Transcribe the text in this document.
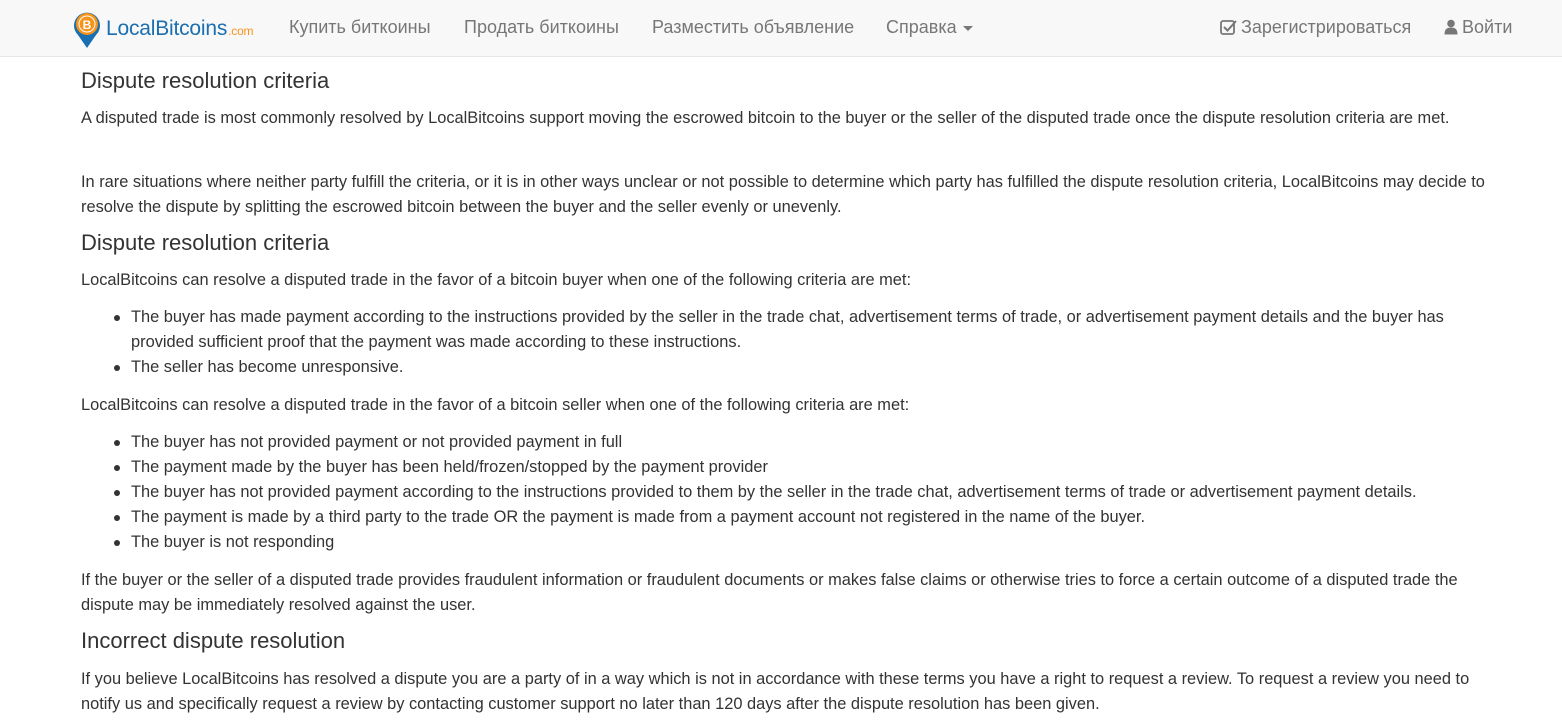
B LocalBitcoins.com Купить биткоины Продать биткоины Разместить объявление Справка	Зарегистрироваться	Войти
Dispute resolution criteria

A disputed trade is most commonly resolved by LocalBitcoins support moving the escrowed bitcoin to the buyer or the seller of the disputed trade once the dispute resolution criteria are met.

In rare situations where neither party fulfill the criteria, or it is in other ways unclear or not possible to determine which party has fulfilled the dispute resolution criteria, LocalBitcoins may decide to resolve the dispute by splitting the escrowed bitcoin between the buyer and the seller evenly or unevenly.

Dispute resolution criteria

LocalBitcoins can resolve a disputed trade in the favor of a bitcoin buyer when one of the following criteria are met:

The buyer has made payment according to the instructions provided by the seller in the trade chat, advertisement terms of trade, or advertisement payment details and the buyer has provided sufficient proof that the payment was made according to these instructions.
The seller has become unresponsive.

LocalBitcoins can resolve a disputed trade in the favor of a bitcoin seller when one of the following criteria are met:

The buyer has not provided payment or not provided payment in full
The payment made by the buyer has been held/frozen/stopped by the payment provider
The buyer has not provided payment according to the instructions provided to them by the seller in the trade chat, advertisement terms of trade or advertisement payment details.
The payment is made by a third party to the trade OR the payment is made from a payment account not registered in the name of the buyer.
The buyer is not responding

If the buyer or the seller of a disputed trade provides fraudulent information or fraudulent documents or makes false claims or otherwise tries to force a certain outcome of a disputed trade the dispute may be immediately resolved against the user.

Incorrect dispute resolution

If you believe LocalBitcoins has resolved a dispute you are a party of in a way which is not in accordance with these terms you have a right to request a review. To request a review you need to notify us and specifically request a review by contacting customer support no later than 120 days after the dispute resolution has been given.
